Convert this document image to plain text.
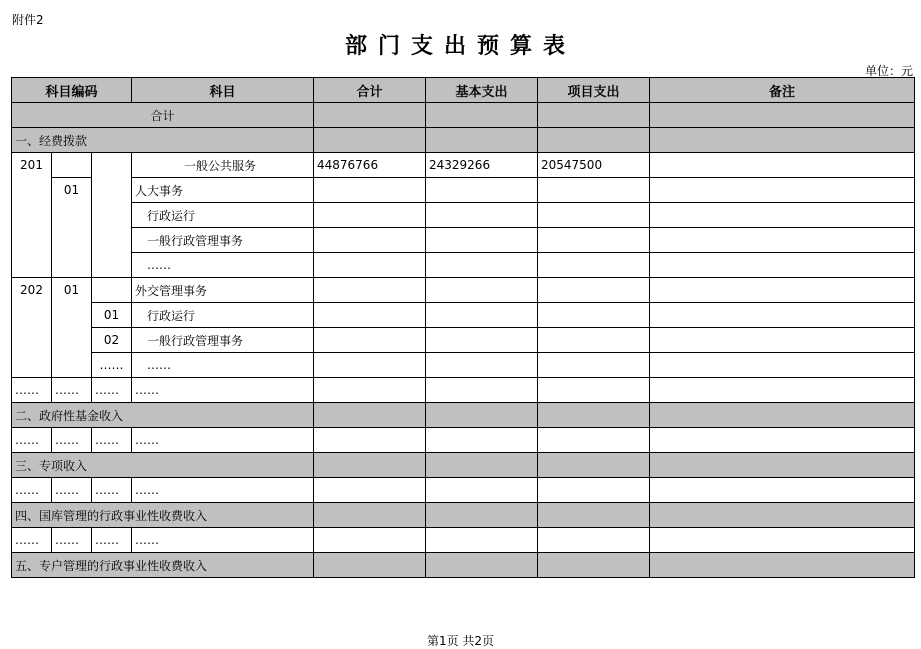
附件2
部门支出预算表
单位：元
科目编码			科目	合计	基本支出	项目支出	备注
合计							
一、经费拨款							
201			一般公共服务	44876766	24329266	20547500	
	01		人大事务				
			行政运行				
			一般行政管理事务				
			……				
202	01		外交管理事务				
		01	行政运行				
		02	一般行政管理事务				
		……	……				
……	……	……	……				
二、政府性基金收入							
……	……	……	……				
三、专项收入							
……	……	……	……				
四、国库管理的行政事业性收费收入							
……	……	……	……				
五、专户管理的行政事业性收费收入							
第1页 共2页
